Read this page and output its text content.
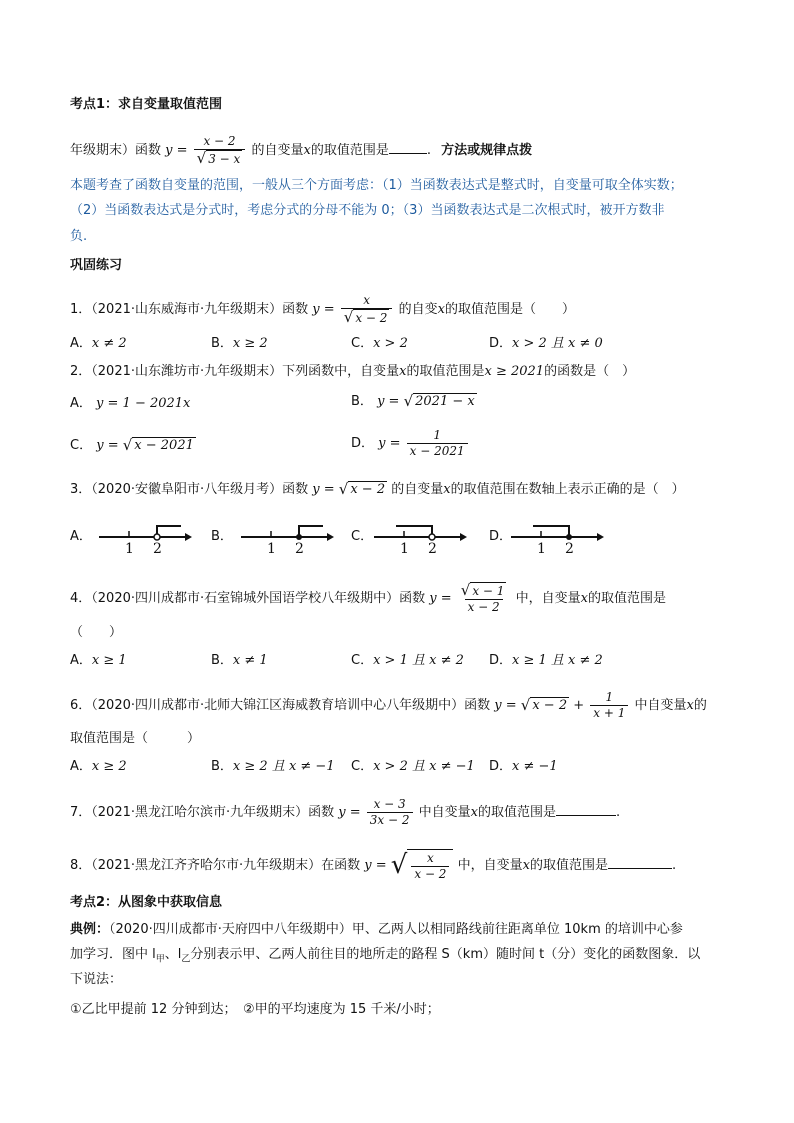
考点1：求自变量取值范围
年级期末）函数 $y = \frac{x - 2}{√ 3 - x}$ 的自变量x的取值范围是	. 方法或规律点拨
本题考查了函数自变量的范围，一般从三个方面考虑：（1）当函数表达式是整式时，自变量可取全体实数；
（2）当函数表达式是分式时，考虑分式的分母不能为 0；（3）当函数表达式是二次根式时，被开方数非
负.
巩固练习
1．（2021·山东威海市·九年级期末）函数 $y = \frac{x}{√ x - 2}$ 的自变x的取值范围是（　　）
A．x ≠ 2	B．x ≥ 2	C．x > 2	D．x > 2 且 x ≠ 0
2．（2021·山东潍坊市·九年级期末）下列函数中，自变量x的取值范围是x ≥ 2021的函数是（　）
A． y = 1 − 2021x	B． y = √ 2021 − x
C． y = √ x − 2021	D． $y = \frac{1}{x - 2021}$
3．（2020·安徽阜阳市·八年级月考）函数 y = √ x − 2 的自变量x的取值范围在数轴上表示正确的是（　）
A．	B．	C．	D．
1 2	1 2	1 2	1 2
4．（2020·四川成都市·石室锦城外国语学校八年级期中）函数 $y = \frac{√ x - 1}{x - 2}$ 中，自变量x的取值范围是
（　　）
A．x ≥ 1	B．x ≠ 1	C．x > 1 且 x ≠ 2 D．x ≥ 1 且 x ≠ 2
6．（2020·四川成都市·北师大锦江区海威教育培训中心八年级期中）函数 y = √ $x - 2 + \frac{1}{x + 1}$ 中自变量x的
取值范围是（　　　）
A．x ≥ 2	B．x ≥ 2 且 x ≠ −1 C．x > 2 且 x ≠ −1 D．x ≠ −1
7．（2021·黑龙江哈尔滨市·九年级期末）函数 $y = \frac{x - 3}{3x - 2}$ 中自变量x的取值范围是	.
8．（2021·黑龙江齐齐哈尔市·九年级期末）在函数 y = √ $\frac{x}{x - 2}$ 中，自变量x的取值范围是	.
考点2：从图象中获取信息
典例：（2020·四川成都市·天府四中八年级期中）甲、乙两人以相同路线前往距离单位 10km 的培训中心参
加学习．图中 $l_甲$、$l_乙$分别表示甲、乙两人前往目的地所走的路程 S（km）随时间 t（分）变化的函数图象．以
下说法：
①乙比甲提前 12 分钟到达；　②甲的平均速度为 15 千米/小时；
